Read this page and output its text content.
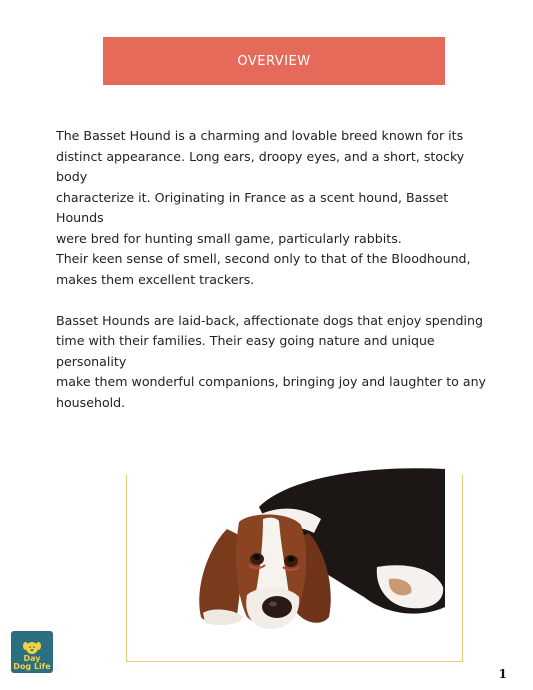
OVERVIEW

The Basset Hound is a charming and lovable breed known for its
distinct appearance. Long ears, droopy eyes, and a short, stocky body
characterize it. Originating in France as a scent hound, Basset Hounds
were bred for hunting small game, particularly rabbits.
Their keen sense of smell, second only to that of the Bloodhound,
makes them excellent trackers.

Basset Hounds are laid-back, affectionate dogs that enjoy spending
time with their families. Their easy going nature and unique personality
make them wonderful companions, bringing joy and laughter to any
household.

Day
Dog Life
1
